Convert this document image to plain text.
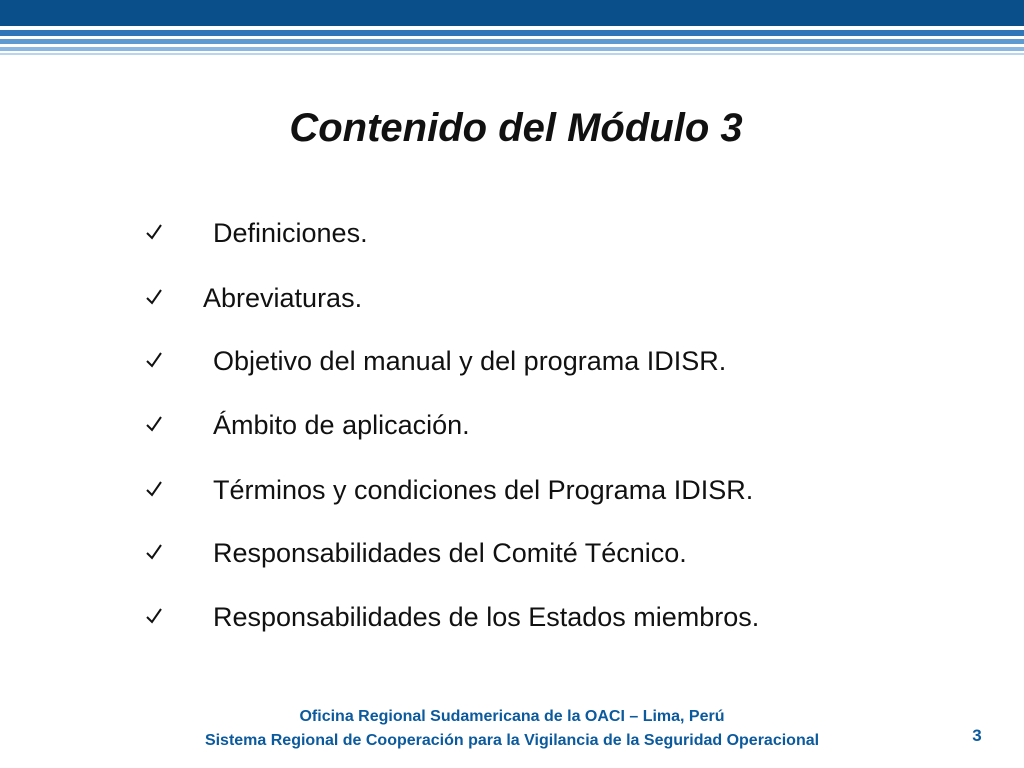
Contenido del Módulo 3
Definiciones.
Abreviaturas.
Objetivo del manual y del programa IDISR.
Ámbito de aplicación.
Términos y condiciones del Programa IDISR.
Responsabilidades del Comité Técnico.
Responsabilidades de los Estados miembros.
Oficina Regional Sudamericana de la OACI – Lima, Perú
Sistema Regional de Cooperación para la Vigilancia de la Seguridad Operacional	3
